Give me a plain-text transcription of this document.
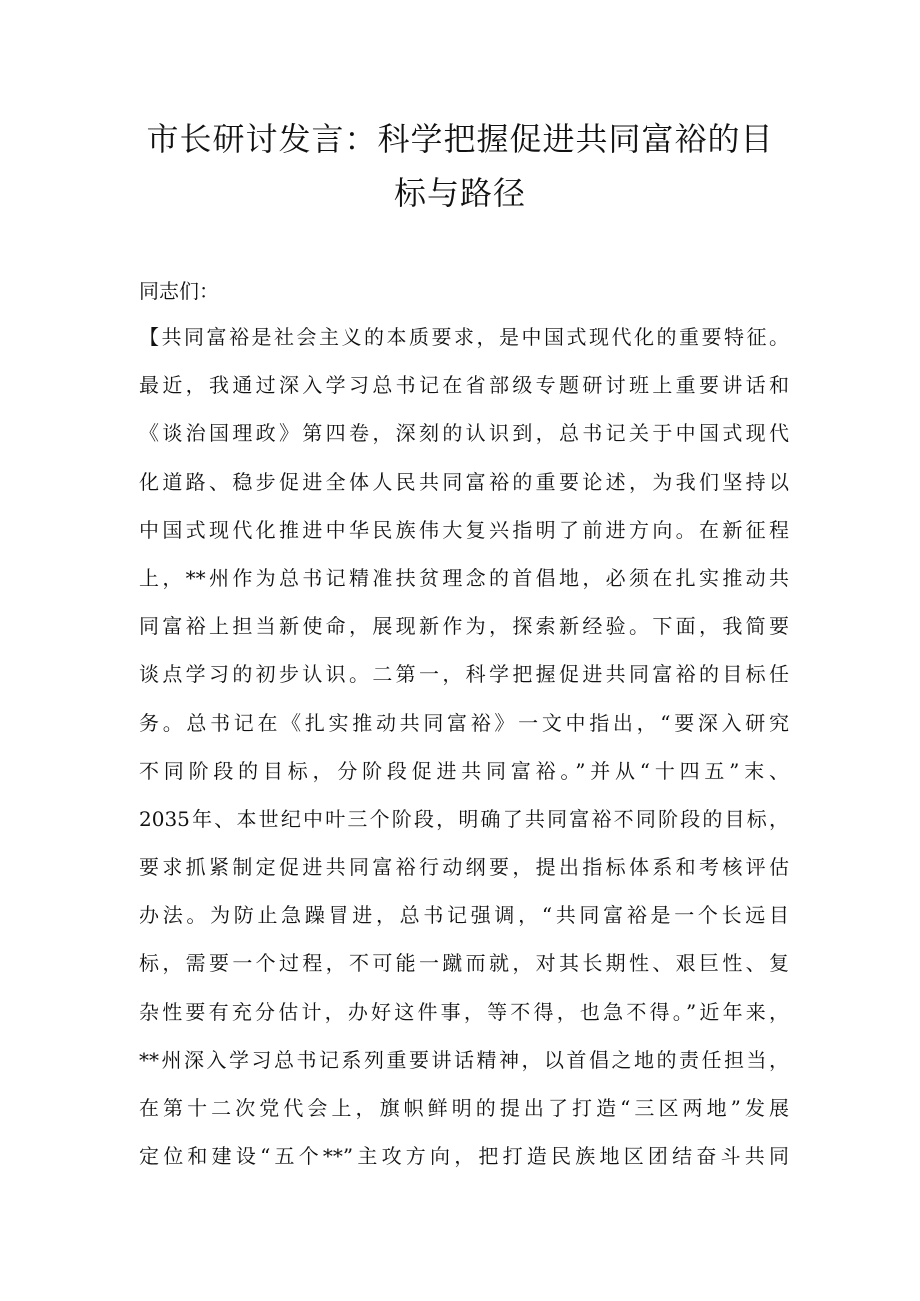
市长研讨发言：科学把握促进共同富裕的目
标与路径
同志们：
【共同富裕是社会主义的本质要求，是中国式现代化的重要特征。
最近，我通过深入学习总书记在省部级专题研讨班上重要讲话和
《谈治国理政》第四卷，深刻的认识到，总书记关于中国式现代
化道路、稳步促进全体人民共同富裕的重要论述，为我们坚持以
中国式现代化推进中华民族伟大复兴指明了前进方向。在新征程
上，**州作为总书记精准扶贫理念的首倡地，必须在扎实推动共
同富裕上担当新使命，展现新作为，探索新经验。下面，我简要
谈点学习的初步认识。二第一，科学把握促进共同富裕的目标任
务。总书记在《扎实推动共同富裕》一文中指出，“要深入研究
不同阶段的目标，分阶段促进共同富裕。”并从“十四五”末、
2035年、本世纪中叶三个阶段，明确了共同富裕不同阶段的目标，
要求抓紧制定促进共同富裕行动纲要，提出指标体系和考核评估
办法。为防止急躁冒进，总书记强调，“共同富裕是一个长远目
标，需要一个过程，不可能一蹴而就，对其长期性、艰巨性、复
杂性要有充分估计，办好这件事，等不得，也急不得。”近年来，
**州深入学习总书记系列重要讲话精神，以首倡之地的责任担当，
在第十二次党代会上，旗帜鲜明的提出了打造“三区两地”发展
定位和建设“五个**”主攻方向，把打造民族地区团结奋斗共同
